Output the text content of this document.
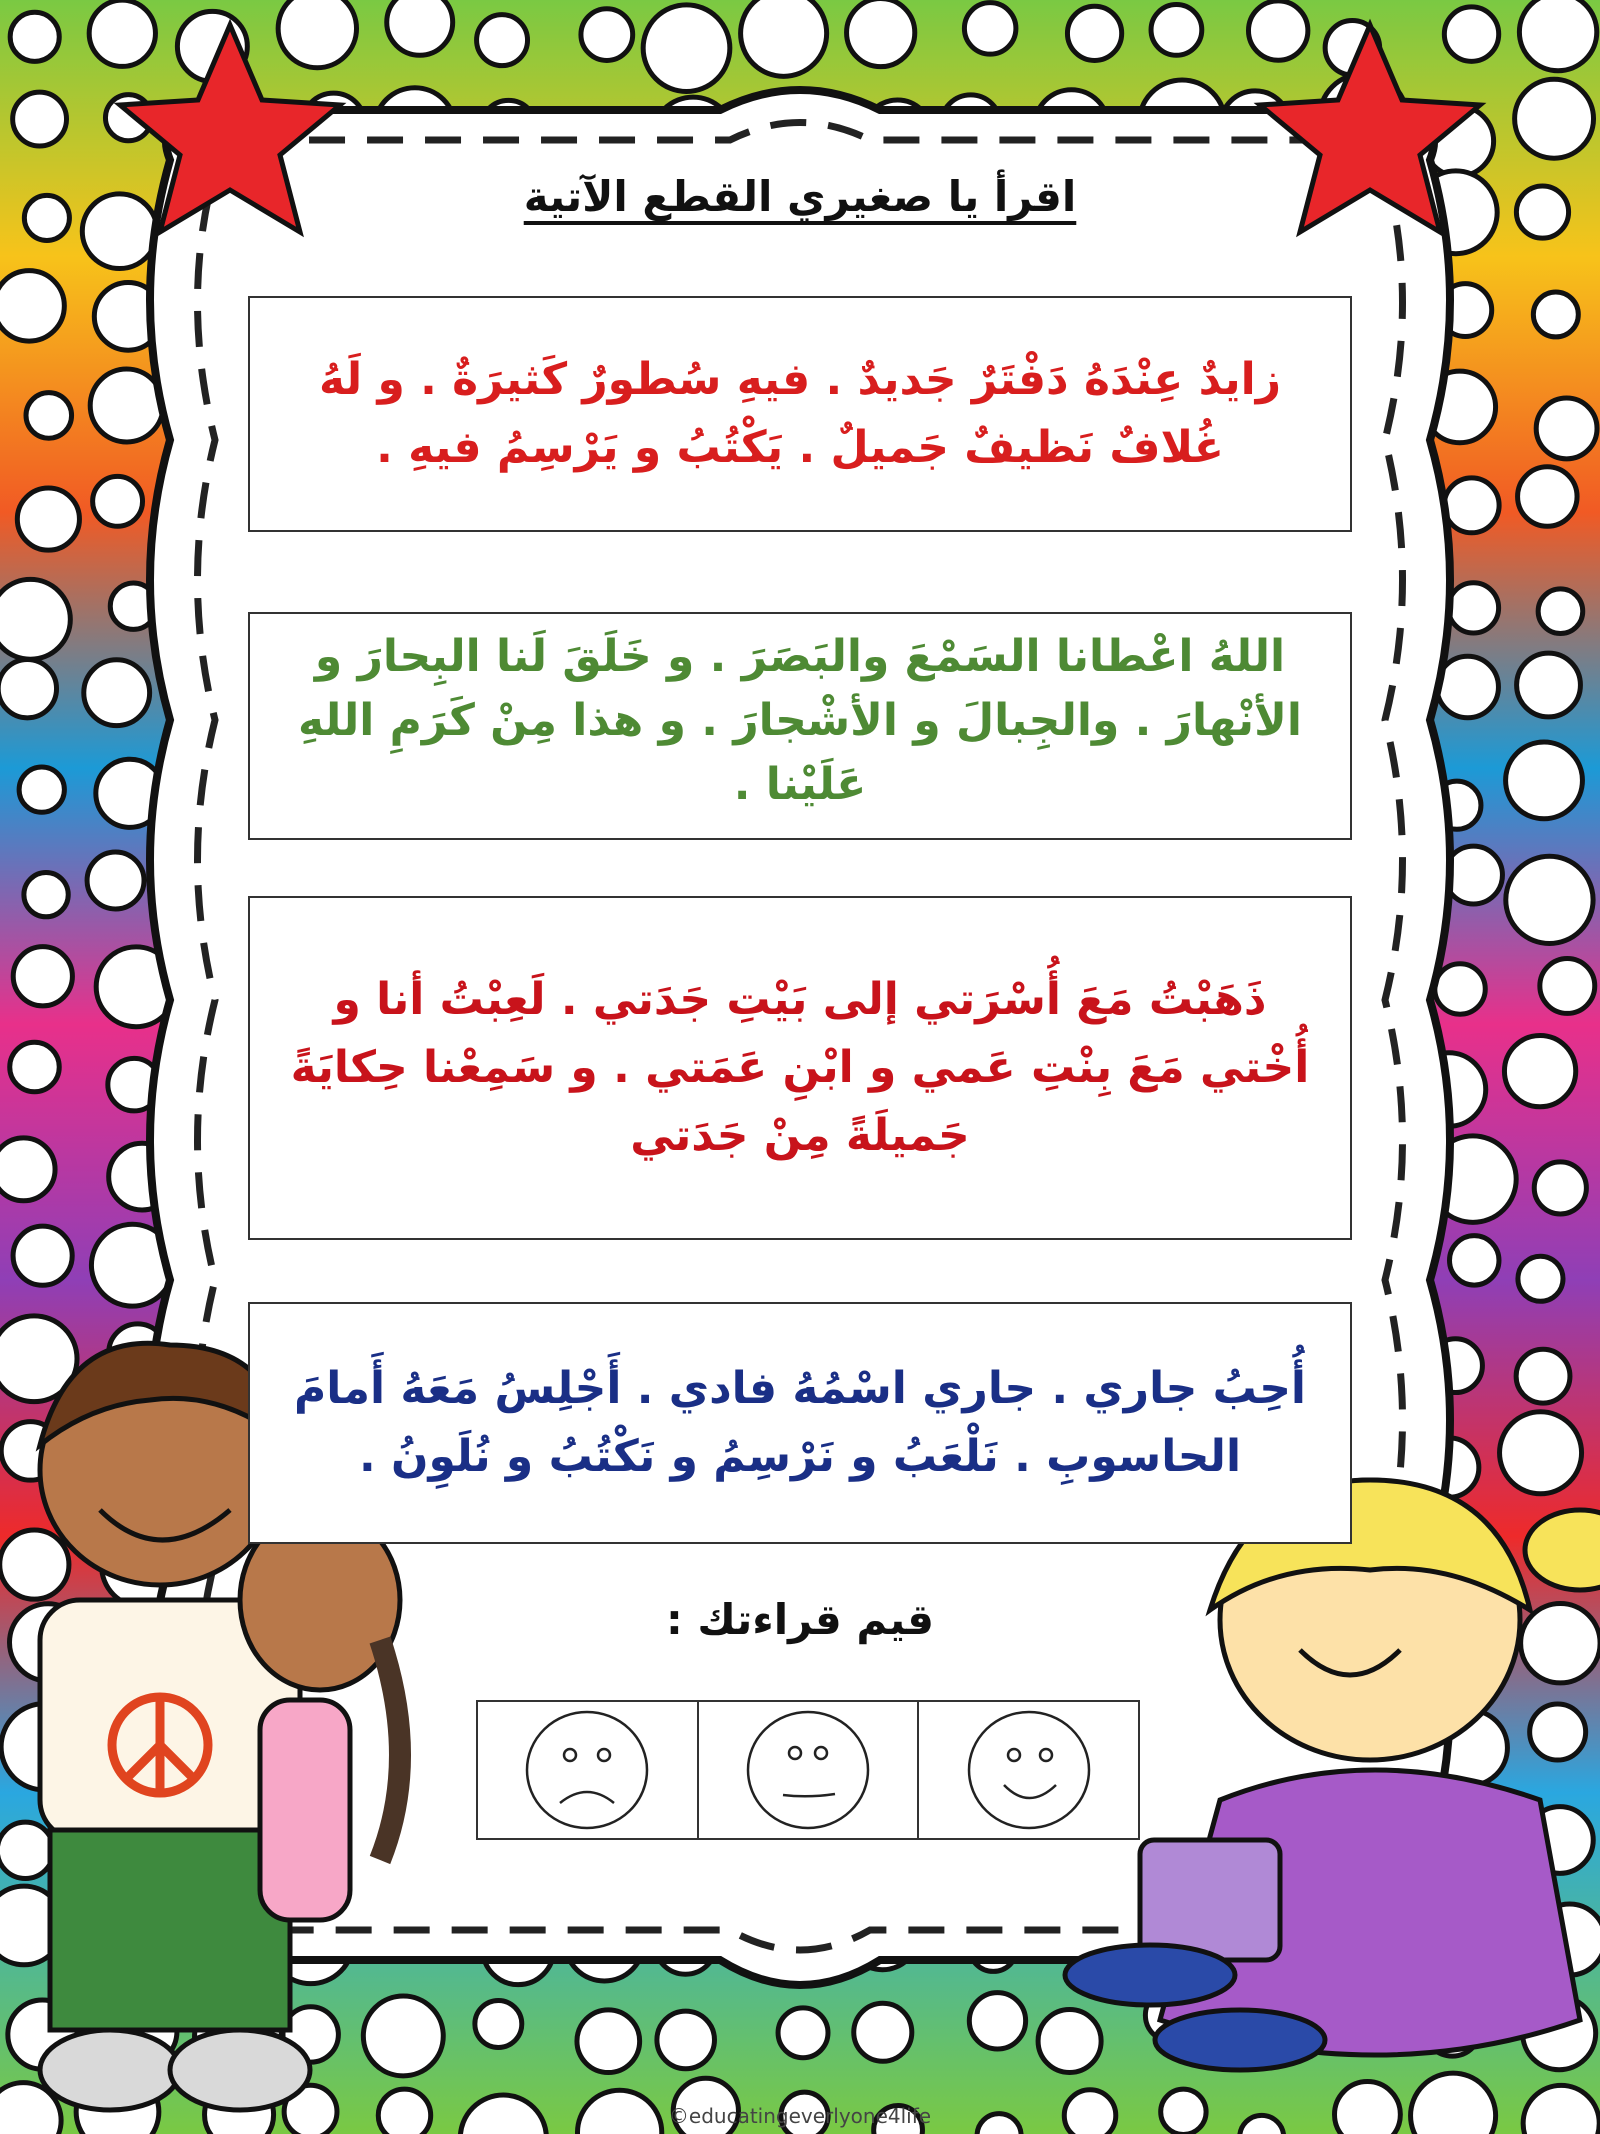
اقرأ يا صغيري القطع الآتية

زايدٌ عِنْدَهُ دَفْتَرٌ جَديدٌ . فيهِ سُطورٌ كَثيرَةٌ . و لَهُ غُلافٌ نَظيفٌ جَميلٌ . يَكْتُبُ و يَرْسِمُ فيهِ .

اللهُ اعْطانا السَمْعَ والبَصَرَ . و خَلَقَ لَنا البِحارَ و الأنْهارَ . والجِبالَ و الأشْجارَ . و هذا مِنْ كَرَمِ اللهِ عَلَيْنا .

ذَهَبْتُ مَعَ أُسْرَتي إلى بَيْتِ جَدَتي . لَعِبْتُ أنا و أُخْتي مَعَ بِنْتِ عَمي و ابْنِ عَمَتي . و سَمِعْنا حِكايَةً جَميلَةً مِنْ جَدَتي

أُحِبُ جاري . جاري اسْمُهُ فادي . أَجْلِسُ مَعَهُ أَمامَ الحاسوبِ . نَلْعَبُ و نَرْسِمُ و نَكْتُبُ و نُلَوِنُ .

قيم قراءتك :
©educatingeverlyone4life
